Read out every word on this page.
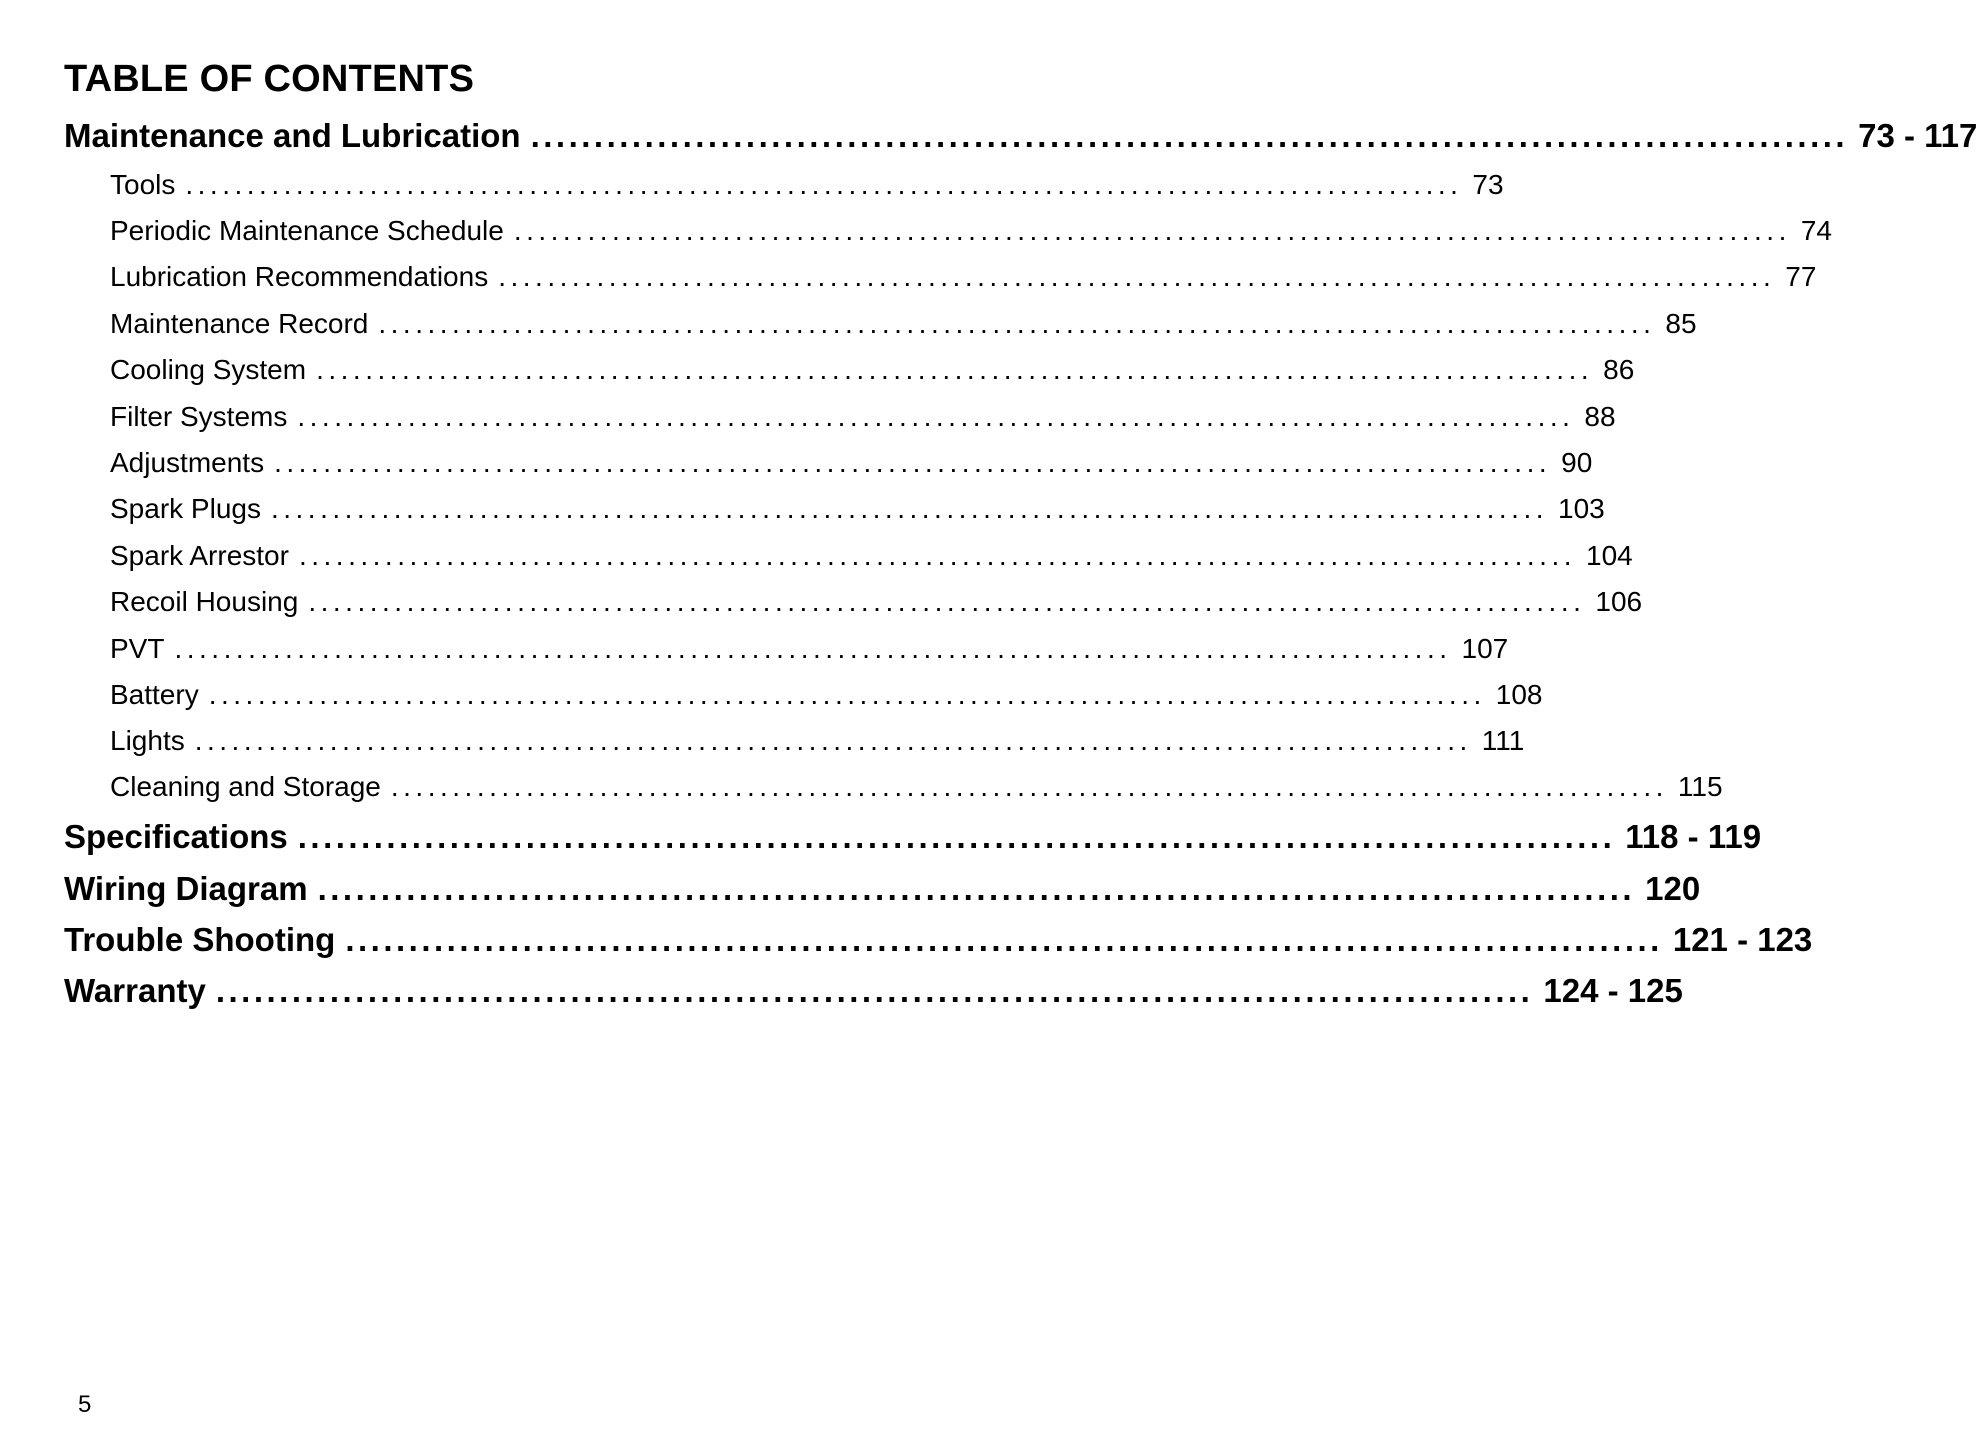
TABLE OF CONTENTS
Maintenance and Lubrication ........................................................................................................ 73 - 117
Tools ........................................................................................................ 73
Periodic Maintenance Schedule ........................................................................................................ 74
Lubrication Recommendations ........................................................................................................ 77
Maintenance Record ........................................................................................................ 85
Cooling System ........................................................................................................ 86
Filter Systems ........................................................................................................ 88
Adjustments ........................................................................................................ 90
Spark Plugs ........................................................................................................ 103
Spark Arrestor ........................................................................................................ 104
Recoil Housing ........................................................................................................ 106
PVT ........................................................................................................ 107
Battery ........................................................................................................ 108
Lights ........................................................................................................ 111
Cleaning and Storage ........................................................................................................ 115
Specifications ........................................................................................................ 118 - 119
Wiring Diagram ........................................................................................................ 120
Trouble Shooting ........................................................................................................ 121 - 123
Warranty ........................................................................................................ 124 - 125
5
